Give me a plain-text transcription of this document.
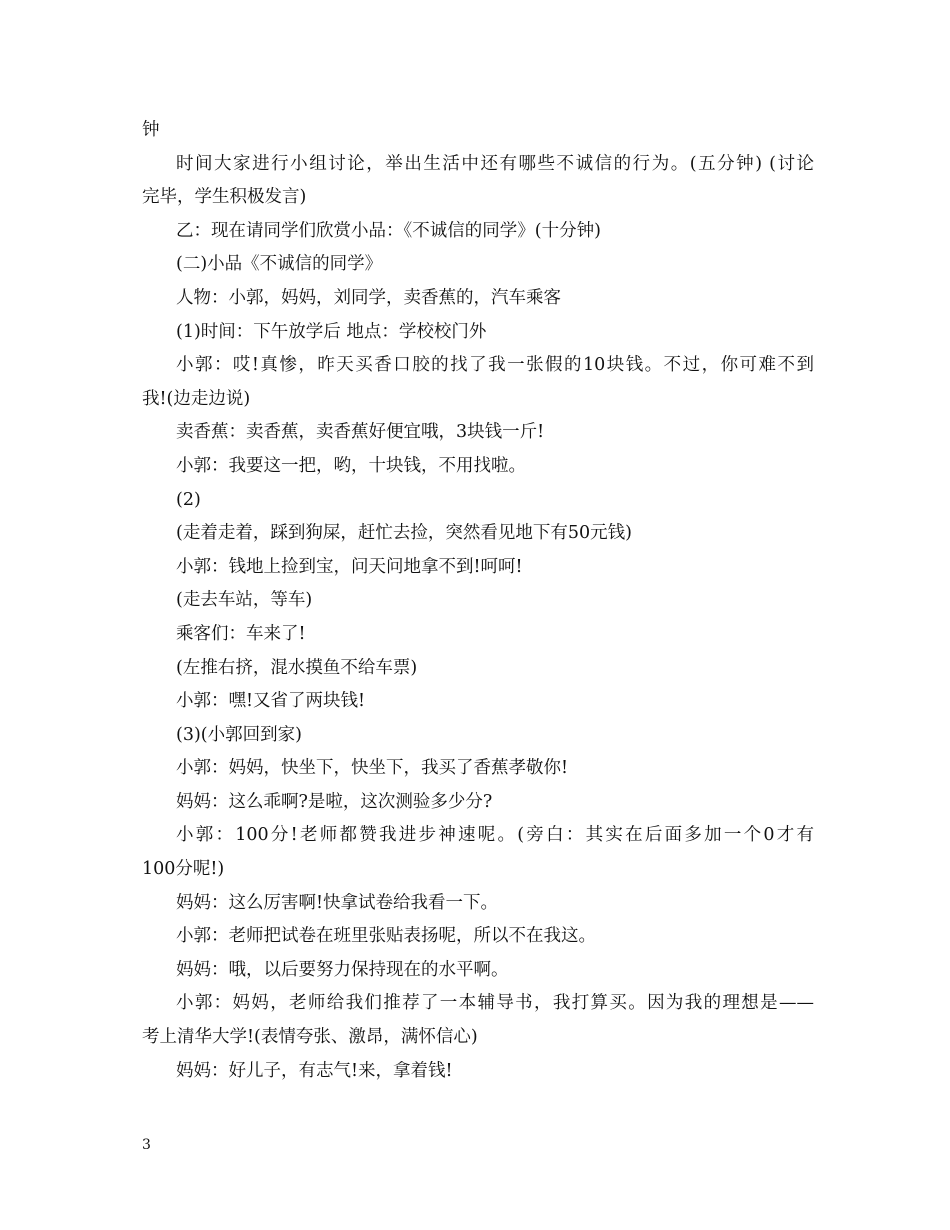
钟
时间大家进行小组讨论，举出生活中还有哪些不诚信的行为。(五分钟) (讨论
完毕，学生积极发言)
乙：现在请同学们欣赏小品：《不诚信的同学》(十分钟)
(二)小品《不诚信的同学》
人物：小郭，妈妈，刘同学，卖香蕉的，汽车乘客
(1)时间：下午放学后 地点：学校校门外
小郭：哎!真惨，昨天买香口胶的找了我一张假的10块钱。不过，你可难不到
我!(边走边说)
卖香蕉：卖香蕉，卖香蕉好便宜哦，3块钱一斤!
小郭：我要这一把，哟，十块钱，不用找啦。
(2)
(走着走着，踩到狗屎，赶忙去捡，突然看见地下有50元钱)
小郭：钱地上捡到宝，问天问地拿不到!呵呵!
(走去车站，等车)
乘客们：车来了!
(左推右挤，混水摸鱼不给车票)
小郭：嘿!又省了两块钱!
(3)(小郭回到家)
小郭：妈妈，快坐下，快坐下，我买了香蕉孝敬你!
妈妈：这么乖啊?是啦，这次测验多少分?
小郭：100分!老师都赞我进步神速呢。(旁白：其实在后面多加一个0才有
100分呢!)
妈妈：这么厉害啊!快拿试卷给我看一下。
小郭：老师把试卷在班里张贴表扬呢，所以不在我这。
妈妈：哦，以后要努力保持现在的水平啊。
小郭：妈妈，老师给我们推荐了一本辅导书，我打算买。因为我的理想是——
考上清华大学!(表情夸张、激昂，满怀信心)
妈妈：好儿子，有志气!来，拿着钱!
3
